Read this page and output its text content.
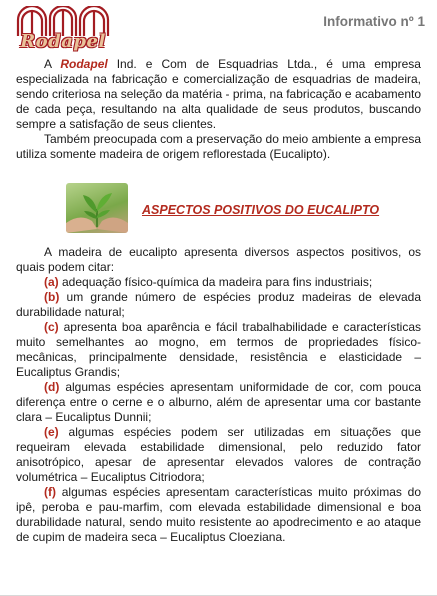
Rodapel
Informativo nº 1

A Rodapel Ind. e Com de Esquadrias Ltda., é uma empresa especializada na fabricação e comercialização de esquadrias de madeira, sendo criteriosa na seleção da matéria - prima, na fabricação e acabamento de cada peça, resultando na alta qualidade de seus produtos, buscando sempre a satisfação de seus clientes.

Também preocupada com a preservação do meio ambiente a empresa utiliza somente madeira de origem reflorestada (Eucalipto).

ASPECTOS POSITIVOS DO EUCALIPTO

A madeira de eucalipto apresenta diversos aspectos positivos, os quais podem citar:

(a) adequação físico-química da madeira para fins industriais;

(b) um grande número de espécies produz madeiras de elevada durabilidade natural;

(c) apresenta boa aparência e fácil trabalhabilidade e características muito semelhantes ao mogno, em termos de propriedades físico-mecânicas, principalmente densidade, resistência e elasticidade – Eucaliptus Grandis;

(d) algumas espécies apresentam uniformidade de cor, com pouca diferença entre o cerne e o alburno, além de apresentar uma cor bastante clara – Eucaliptus Dunnii;

(e) algumas espécies podem ser utilizadas em situações que requeiram elevada estabilidade dimensional, pelo reduzido fator anisotrópico, apesar de apresentar elevados valores de contração volumétrica – Eucaliptus Citriodora;

(f) algumas espécies apresentam características muito próximas do ipê, peroba e pau-marfim, com elevada estabilidade dimensional e boa durabilidade natural, sendo muito resistente ao apodrecimento e ao ataque de cupim de madeira seca – Eucaliptus Cloeziana.
